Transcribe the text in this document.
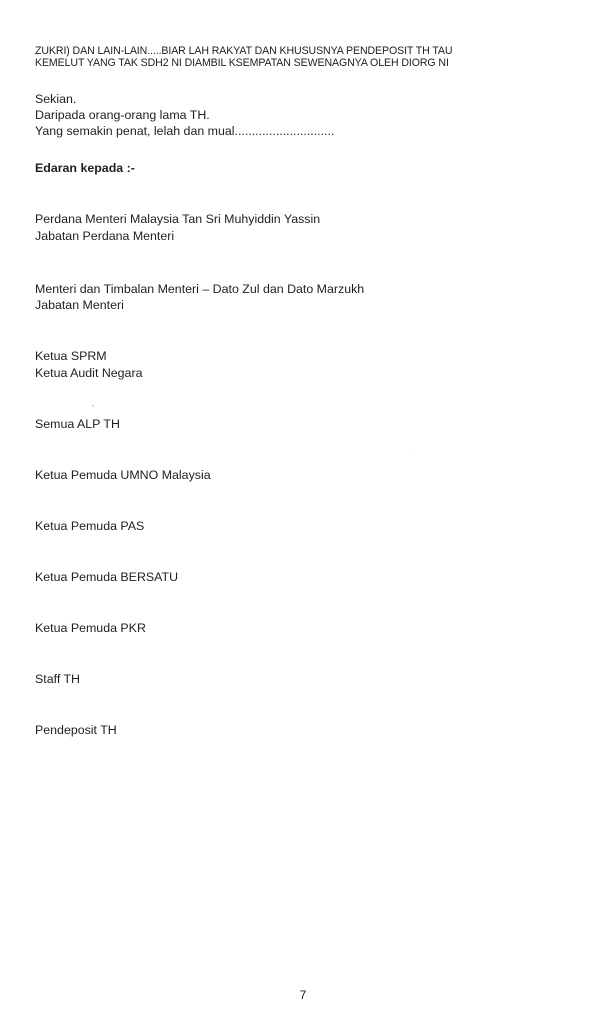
ZUKRI) DAN LAIN-LAIN.....BIAR LAH RAKYAT DAN KHUSUSNYA PENDEPOSIT TH TAU
KEMELUT YANG TAK SDH2 NI DIAMBIL KSEMPATAN SEWENAGNYA OLEH DIORG NI
Sekian.
Daripada orang-orang lama TH.
Yang semakin penat, lelah dan mual.............................
Edaran kepada :-
Perdana Menteri Malaysia Tan Sri Muhyiddin Yassin
Jabatan Perdana Menteri
Menteri dan Timbalan Menteri – Dato Zul dan Dato Marzukh
Jabatan Menteri
Ketua SPRM
Ketua Audit Negara
Semua ALP TH
Ketua Pemuda UMNO Malaysia
Ketua Pemuda PAS
Ketua Pemuda BERSATU
Ketua Pemuda PKR
Staff TH
Pendeposit TH
7
